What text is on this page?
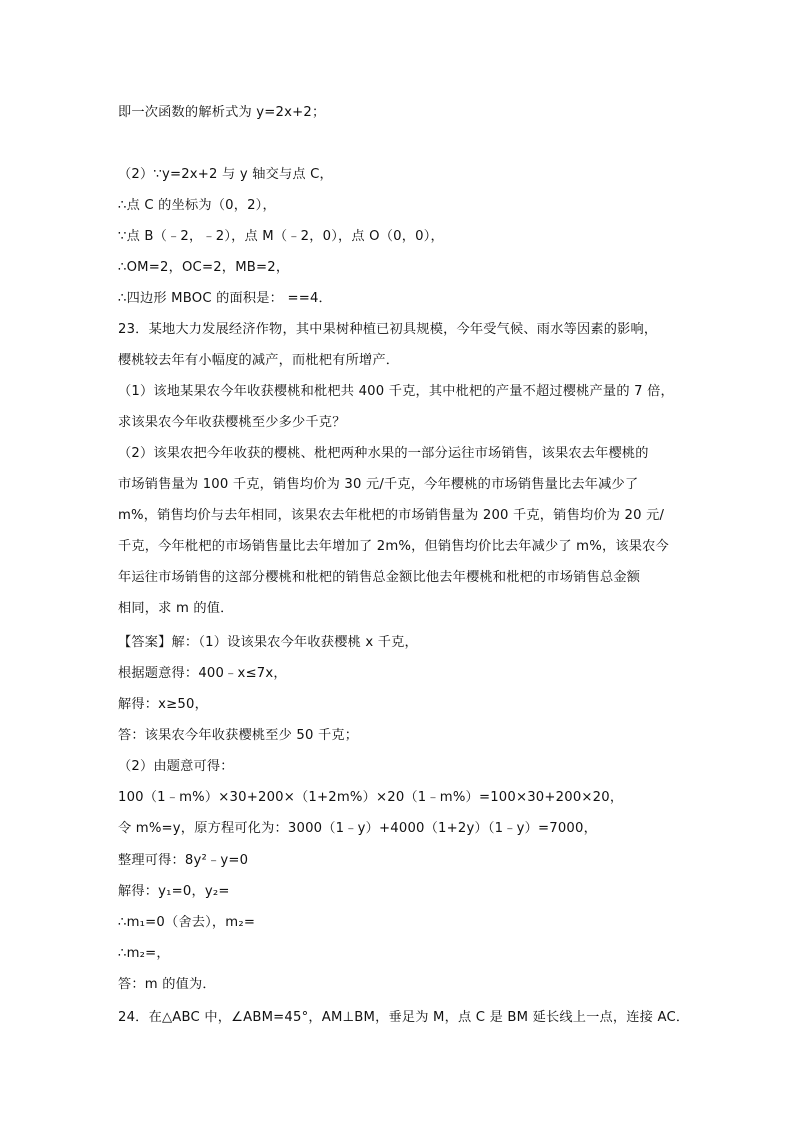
即一次函数的解析式为 y=2x+2；
（2）∵y=2x+2 与 y 轴交与点 C，
∴点 C 的坐标为（0，2），
∵点 B（﹣2，﹣2），点 M（﹣2，0），点 O（0，0），
∴OM=2，OC=2，MB=2，
∴四边形 MBOC 的面积是： ==4．
23．某地大力发展经济作物，其中果树种植已初具规模，今年受气候、雨水等因素的影响，
樱桃较去年有小幅度的减产，而枇杷有所增产．
（1）该地某果农今年收获樱桃和枇杷共 400 千克，其中枇杷的产量不超过樱桃产量的 7 倍，
求该果农今年收获樱桃至少多少千克？
（2）该果农把今年收获的樱桃、枇杷两种水果的一部分运往市场销售，该果农去年樱桃的
市场销售量为 100 千克，销售均价为 30 元/千克，今年樱桃的市场销售量比去年减少了
m%，销售均价与去年相同，该果农去年枇杷的市场销售量为 200 千克，销售均价为 20 元/
千克，今年枇杷的市场销售量比去年增加了 2m%，但销售均价比去年减少了 m%，该果农今
年运往市场销售的这部分樱桃和枇杷的销售总金额比他去年樱桃和枇杷的市场销售总金额
相同，求 m 的值．
【答案】解：（1）设该果农今年收获樱桃 x 千克，
根据题意得：400﹣x≤7x，
解得：x≥50，
答：该果农今年收获樱桃至少 50 千克；
（2）由题意可得：
100（1﹣m%）×30+200×（1+2m%）×20（1﹣m%）=100×30+200×20，
令 m%=y，原方程可化为：3000（1﹣y）+4000（1+2y）（1﹣y）=7000，
整理可得：8y²﹣y=0
解得：y₁=0，y₂=
∴m₁=0（舍去），m₂=
∴m₂=，
答：m 的值为．
24．在△ABC 中，∠ABM=45°，AM⊥BM，垂足为 M，点 C 是 BM 延长线上一点，连接 AC．
